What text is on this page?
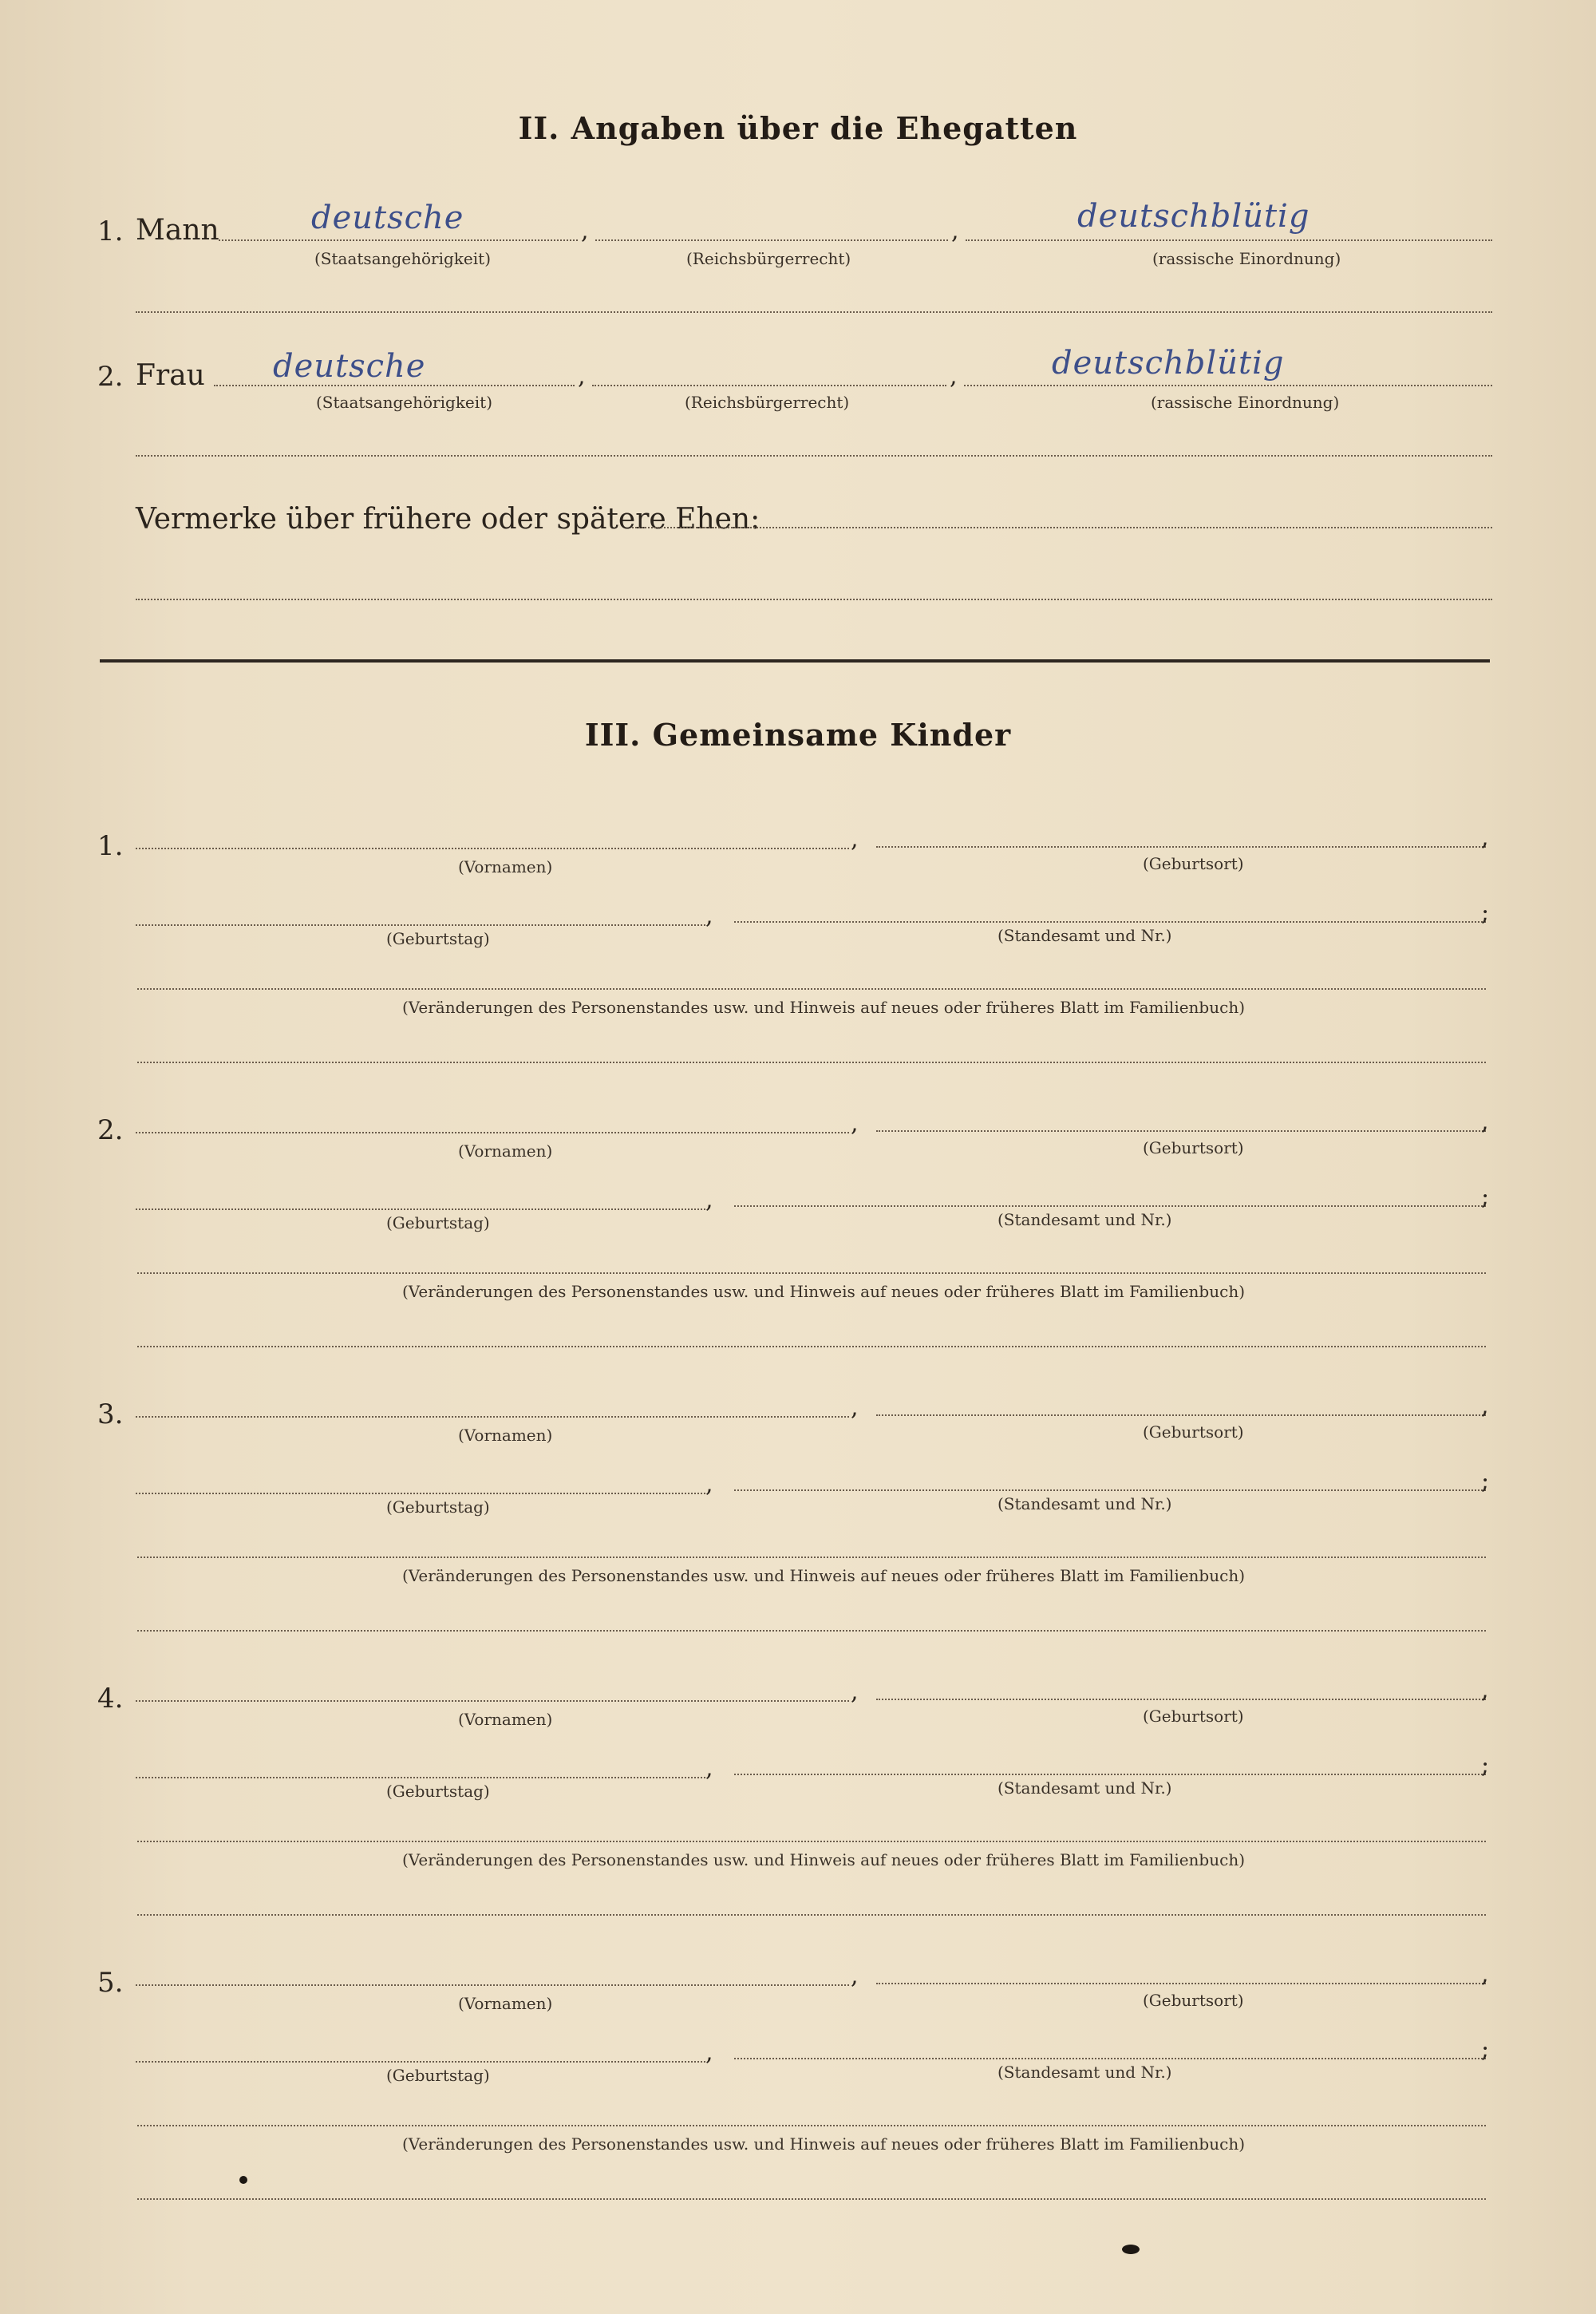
II. Angaben über die Ehegatten
1. Mann	deutsche	,	,	deutschblütig
(Staatsangehörigkeit)	(Reichsbürgerrecht)	(rassische Einordnung)
2. Frau deutsche	,	,	deutschblütig
(Staatsangehörigkeit)	(Reichsbürgerrecht)	(rassische Einordnung)
Vermerke über frühere oder spätere Ehen:
III. Gemeinsame Kinder
1.	,	,
(Vornamen)	(Geburtsort)
,	;
(Geburtstag)	(Standesamt und Nr.)
(Veränderungen des Personenstandes usw. und Hinweis auf neues oder früheres Blatt im Familienbuch)
2.	,	,
(Vornamen)	(Geburtsort)
,	;
(Geburtstag)	(Standesamt und Nr.)
(Veränderungen des Personenstandes usw. und Hinweis auf neues oder früheres Blatt im Familienbuch)
3.	,	,
(Vornamen)	(Geburtsort)
,	;
(Geburtstag)	(Standesamt und Nr.)
(Veränderungen des Personenstandes usw. und Hinweis auf neues oder früheres Blatt im Familienbuch)
4.	,	,
(Vornamen)	(Geburtsort)
,	;
(Geburtstag)	(Standesamt und Nr.)
(Veränderungen des Personenstandes usw. und Hinweis auf neues oder früheres Blatt im Familienbuch)
5.	,	,
(Vornamen)	(Geburtsort)
,	;
(Geburtstag)	(Standesamt und Nr.)
(Veränderungen des Personenstandes usw. und Hinweis auf neues oder früheres Blatt im Familienbuch)
